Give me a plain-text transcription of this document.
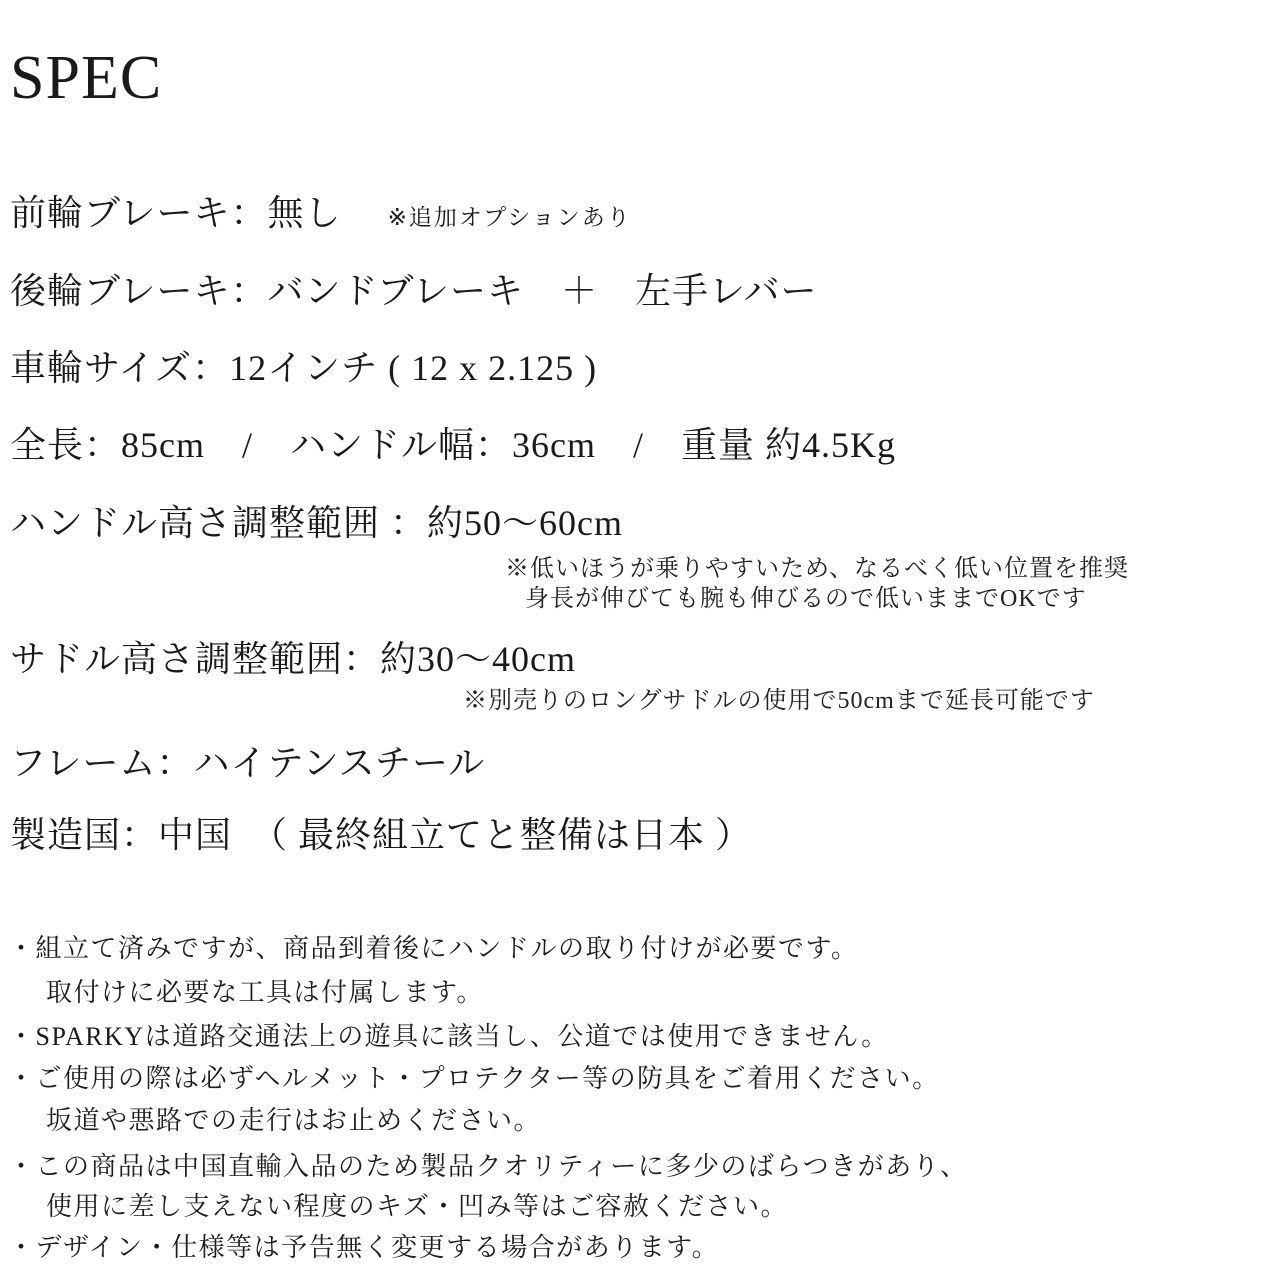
SPEC
前輪ブレーキ：無し ※追加オプションあり
後輪ブレーキ：バンドブレーキ　＋　左手レバー
車輪サイズ：12インチ ( 12 x 2.125 )
全長：85cm　/　ハンドル幅：36cm　/　重量 約4.5Kg
ハンドル高さ調整範囲 ：約50〜60cm
※低いほうが乗りやすいため、なるべく低い位置を推奨
身長が伸びても腕も伸びるので低いままでOKです
サドル高さ調整範囲：約30〜40cm
※別売りのロングサドルの使用で50cmまで延長可能です
フレーム：ハイテンスチール
製造国：中国　（ 最終組立てと整備は日本 ）
・組立て済みですが、商品到着後にハンドルの取り付けが必要です。
取付けに必要な工具は付属します。
・SPARKYは道路交通法上の遊具に該当し、公道では使用できません。
・ご使用の際は必ずヘルメット・プロテクター等の防具をご着用ください。
坂道や悪路での走行はお止めください。
・この商品は中国直輸入品のため製品クオリティーに多少のばらつきがあり、
使用に差し支えない程度のキズ・凹み等はご容赦ください。
・デザイン・仕様等は予告無く変更する場合があります。
